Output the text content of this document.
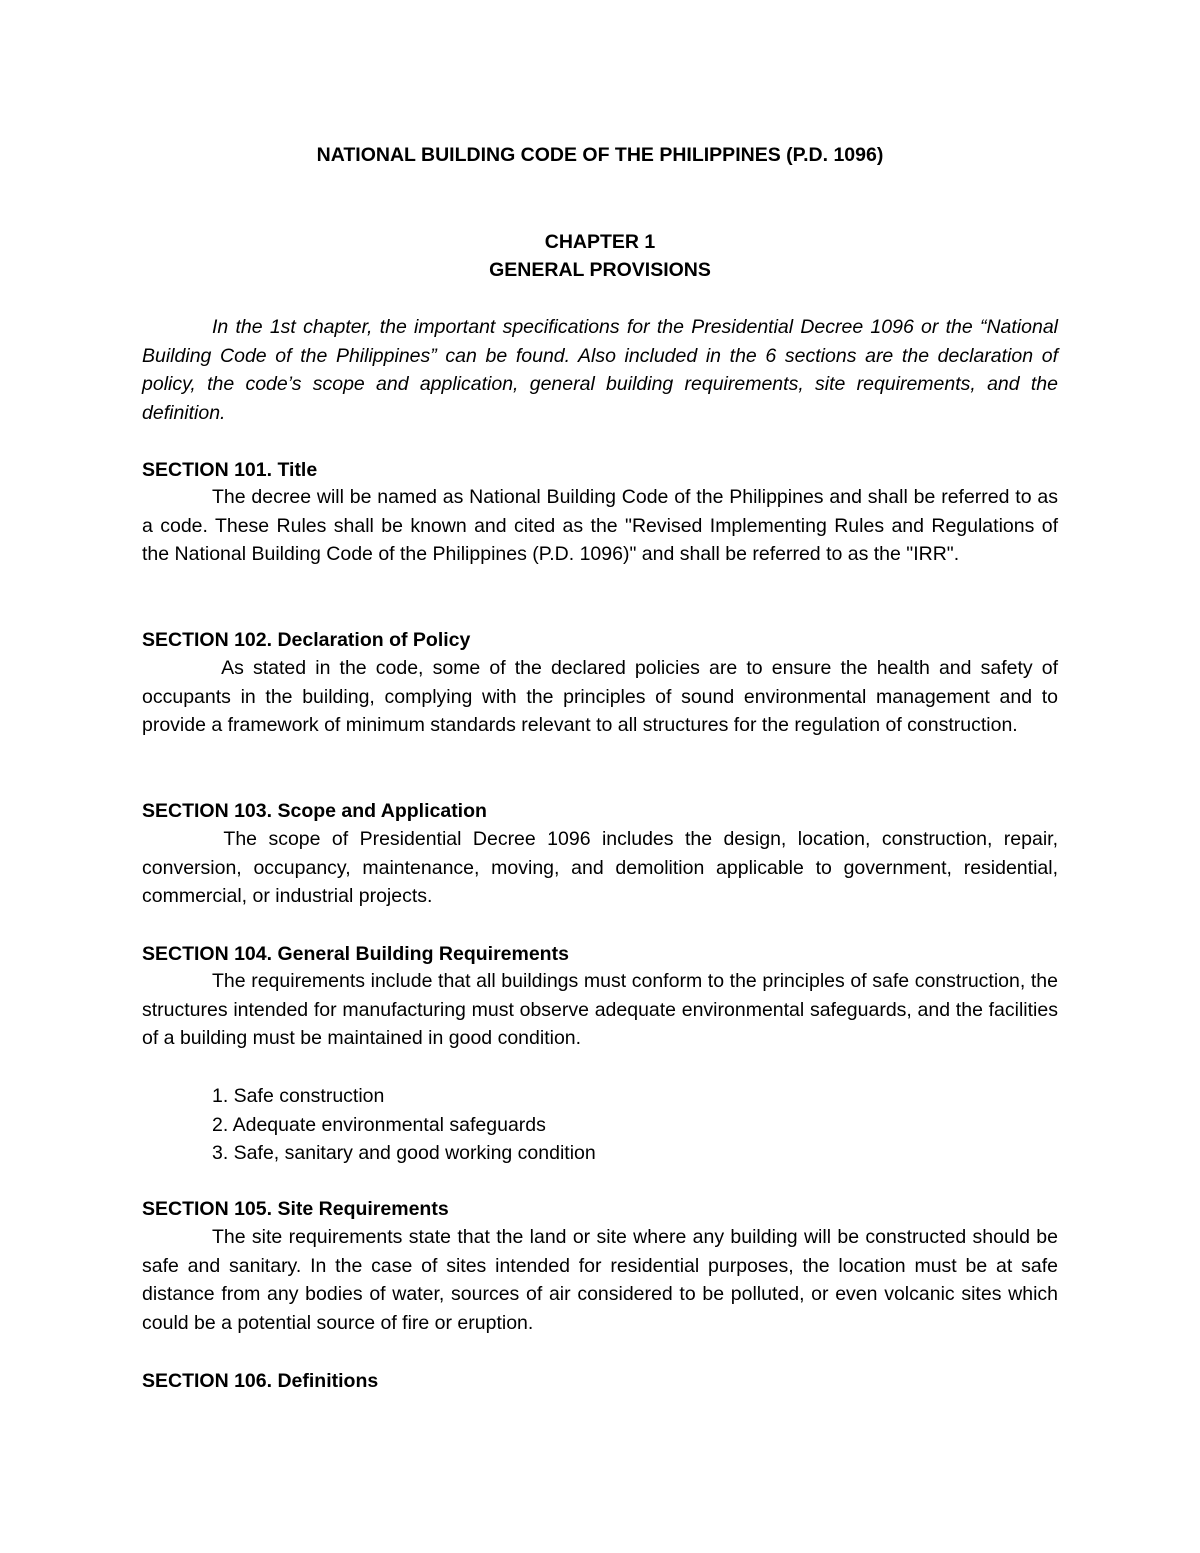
NATIONAL BUILDING CODE OF THE PHILIPPINES (P.D. 1096)
CHAPTER 1
GENERAL PROVISIONS

In the 1st chapter, the important specifications for the Presidential Decree 1096 or the “National Building Code of the Philippines” can be found. Also included in the 6 sections are the declaration of policy, the code’s scope and application, general building requirements, site requirements, and the definition.

SECTION 101. Title

The decree will be named as National Building Code of the Philippines and shall be referred to as a code. These Rules shall be known and cited as the "Revised Implementing Rules and Regulations of the National Building Code of the Philippines (P.D. 1096)" and shall be referred to as the "IRR".

SECTION 102. Declaration of Policy

As stated in the code, some of the declared policies are to ensure the health and safety of occupants in the building, complying with the principles of sound environmental management and to provide a framework of minimum standards relevant to all structures for the regulation of construction.

SECTION 103. Scope and Application

The scope of Presidential Decree 1096 includes the design, location, construction, repair, conversion, occupancy, maintenance, moving, and demolition applicable to government, residential, commercial, or industrial projects.

SECTION 104. General Building Requirements

The requirements include that all buildings must conform to the principles of safe construction, the structures intended for manufacturing must observe adequate environmental safeguards, and the facilities of a building must be maintained in good condition.

1. Safe construction
2. Adequate environmental safeguards
3. Safe, sanitary and good working condition
SECTION 105. Site Requirements

The site requirements state that the land or site where any building will be constructed should be safe and sanitary. In the case of sites intended for residential purposes, the location must be at safe distance from any bodies of water, sources of air considered to be polluted, or even volcanic sites which could be a potential source of fire or eruption.

SECTION 106. Definitions
